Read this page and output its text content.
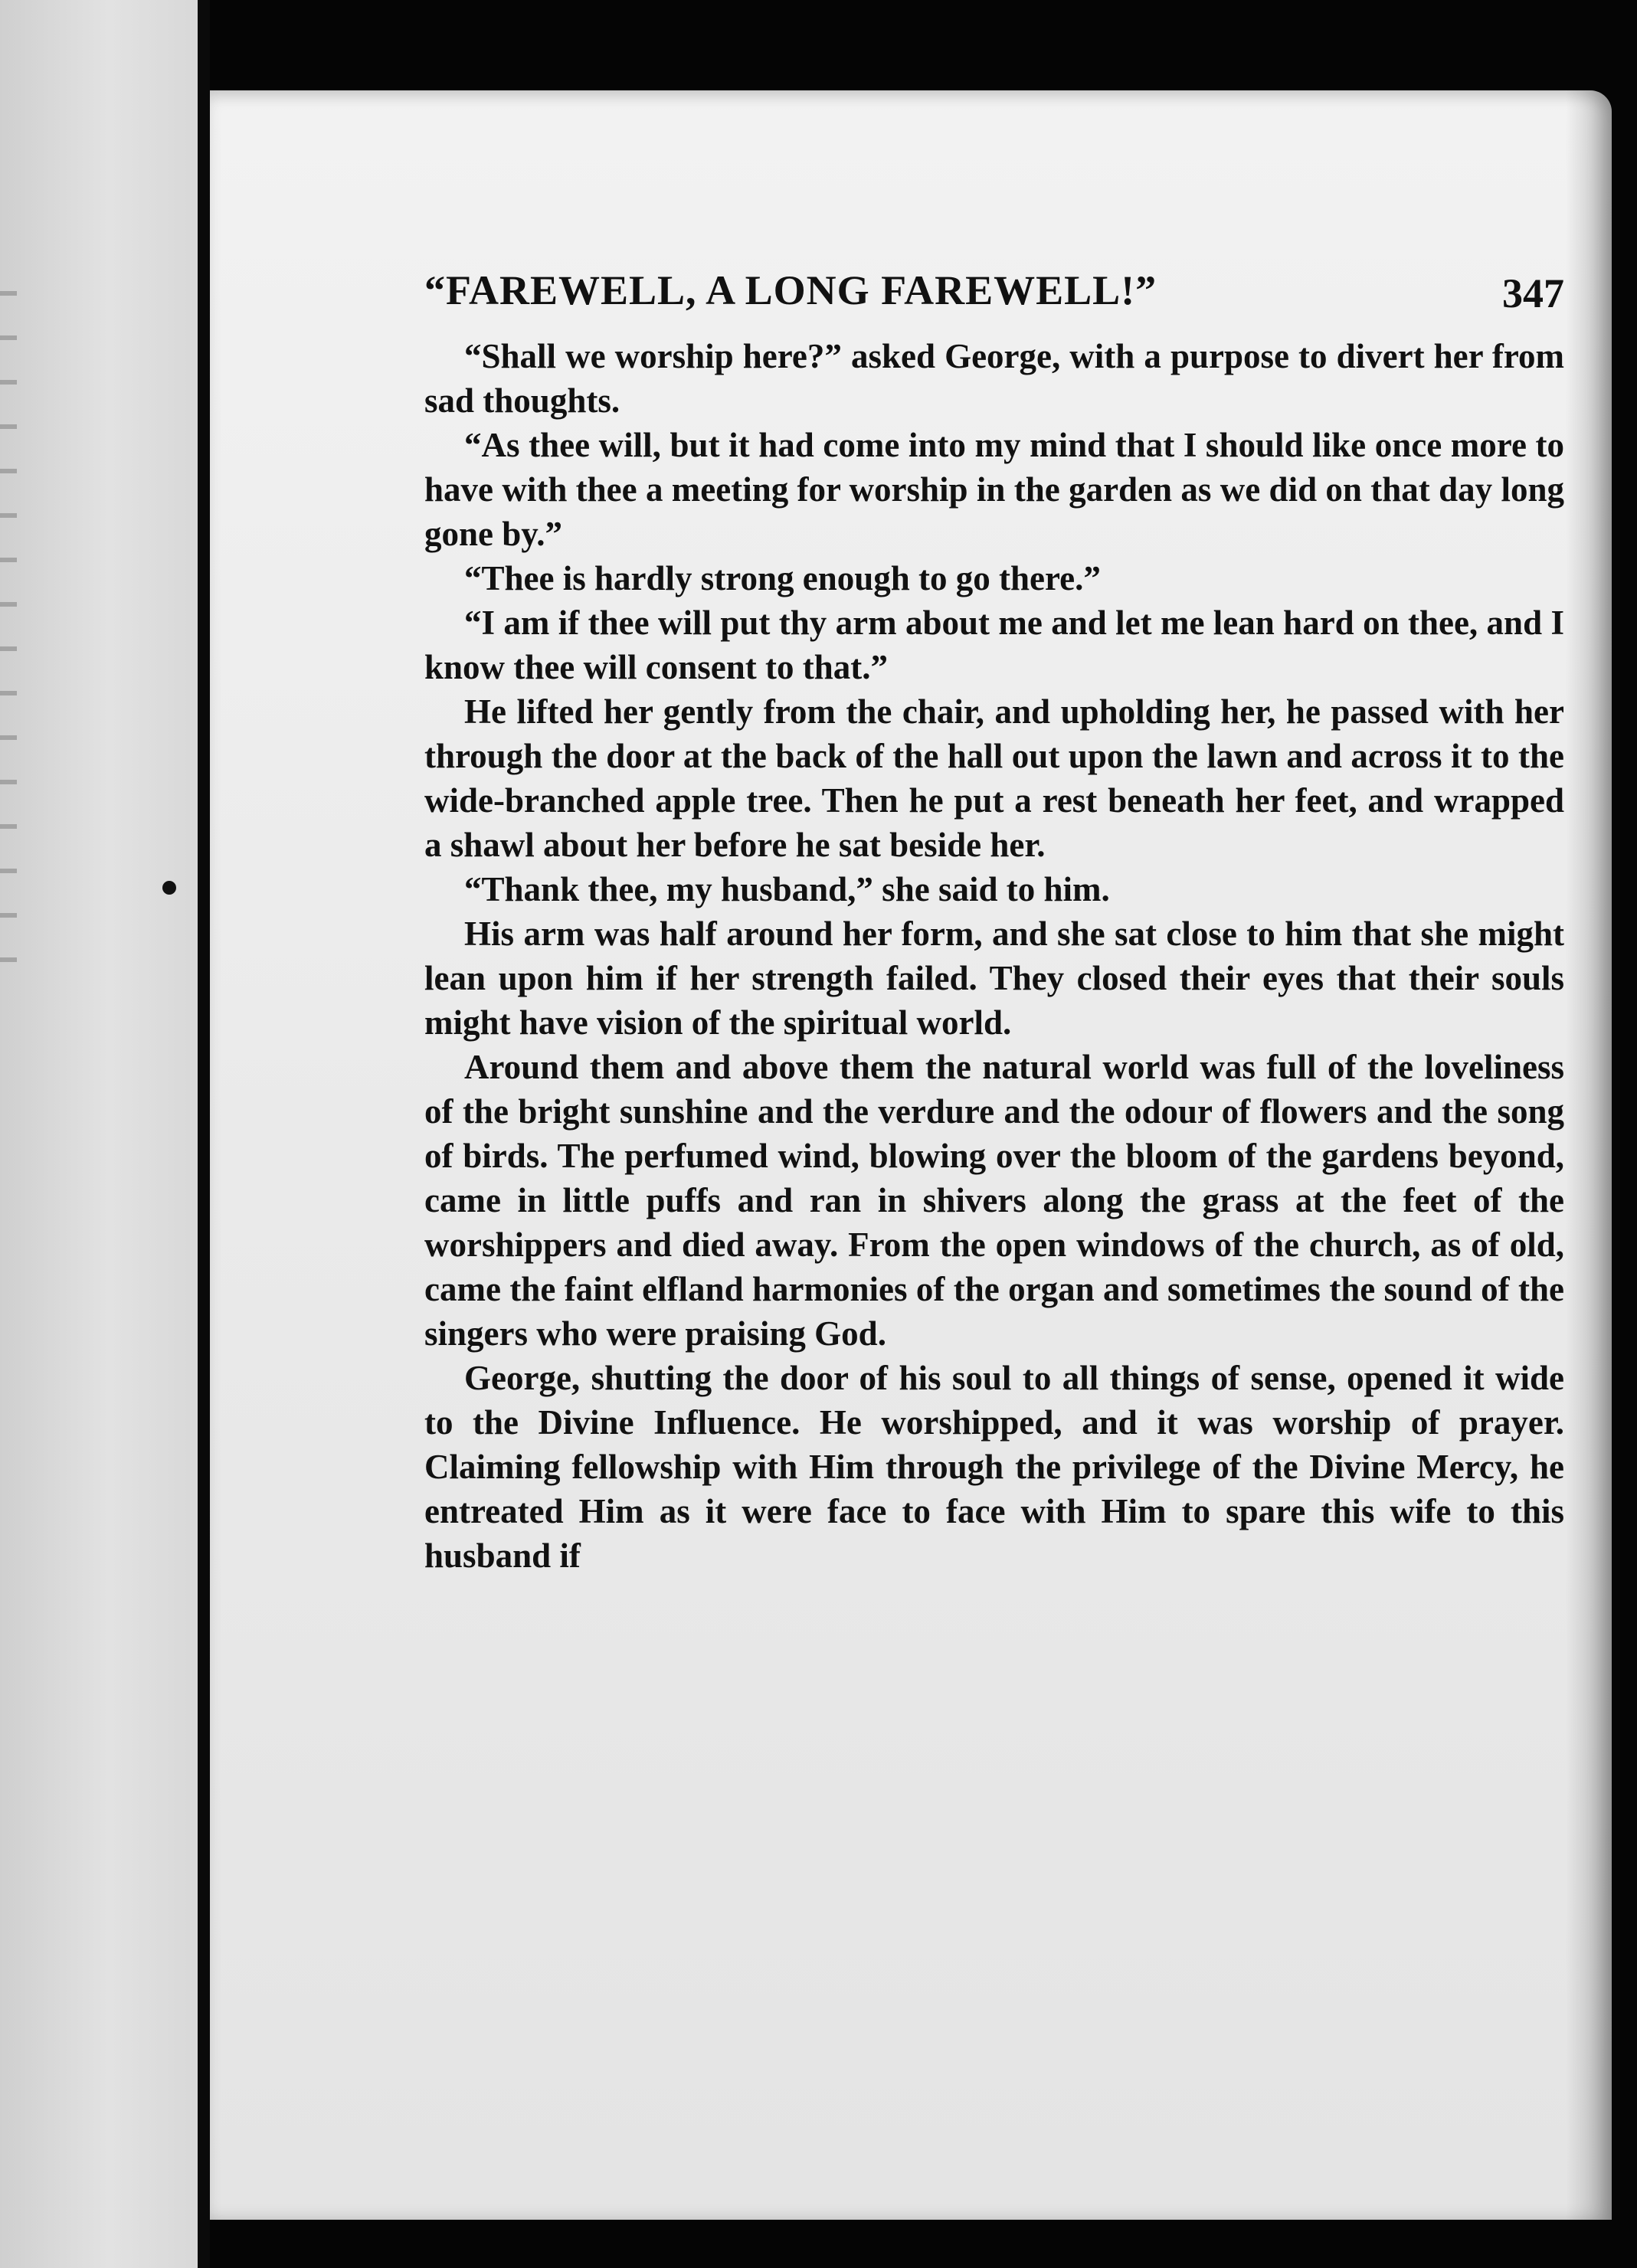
“FAREWELL, A LONG FAREWELL!”	347

“Shall we worship here?” asked George, with a purpose to divert her from sad thoughts.

“As thee will, but it had come into my mind that I should like once more to have with thee a meeting for worship in the garden as we did on that day long gone by.”

“Thee is hardly strong enough to go there.”

“I am if thee will put thy arm about me and let me lean hard on thee, and I know thee will consent to that.”

He lifted her gently from the chair, and upholding her, he passed with her through the door at the back of the hall out upon the lawn and across it to the wide-branched apple tree. Then he put a rest beneath her feet, and wrapped a shawl about her before he sat beside her.

“Thank thee, my husband,” she said to him.

His arm was half around her form, and she sat close to him that she might lean upon him if her strength failed. They closed their eyes that their souls might have vision of the spiritual world.

Around them and above them the natural world was full of the loveliness of the bright sunshine and the verdure and the odour of flowers and the song of birds. The perfumed wind, blowing over the bloom of the gardens beyond, came in little puffs and ran in shivers along the grass at the feet of the worshippers and died away. From the open windows of the church, as of old, came the faint elfland harmonies of the organ and sometimes the sound of the singers who were praising God.

George, shutting the door of his soul to all things of sense, opened it wide to the Divine Influence. He worshipped, and it was worship of prayer. Claiming fellowship with Him through the privilege of the Divine Mercy, he entreated Him as it were face to face with Him to spare this wife to this husband if
